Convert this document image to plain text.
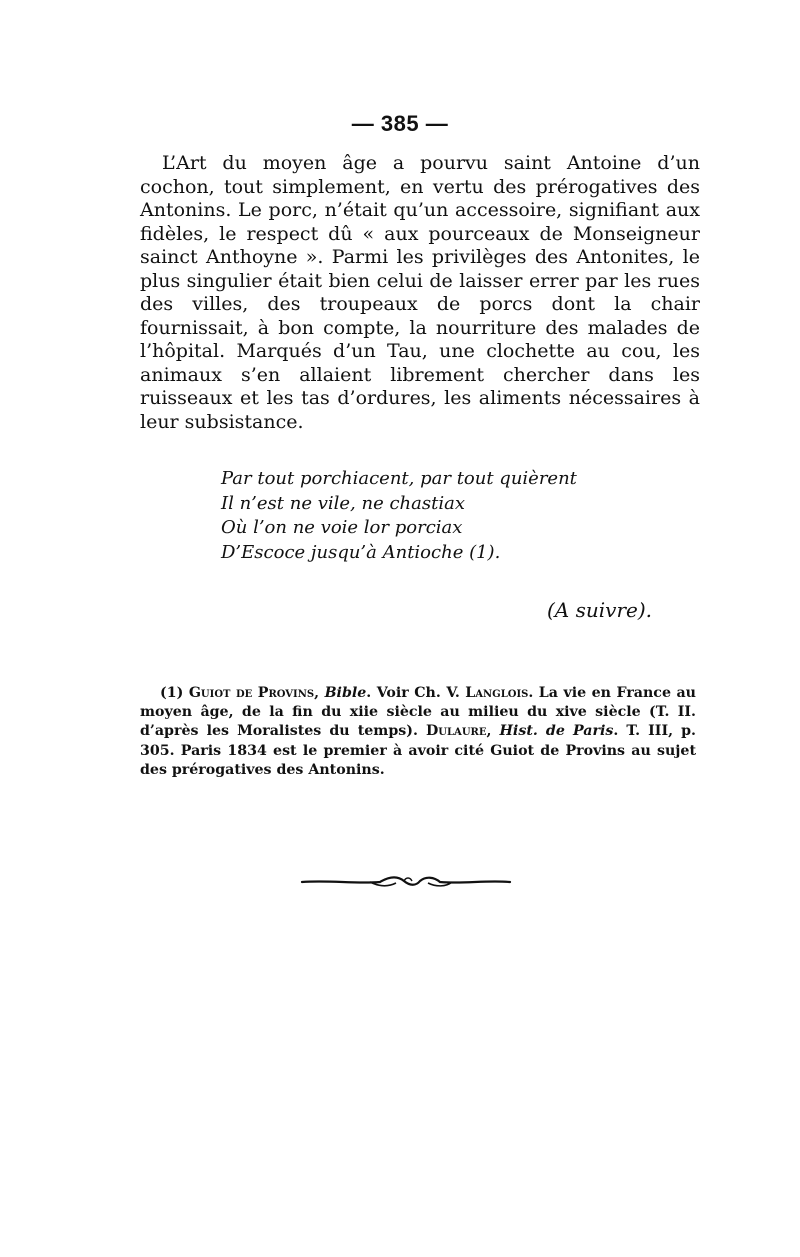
— 385 —

L’Art du moyen âge a pourvu saint Antoine d’un cochon, tout simplement, en vertu des prérogatives des Antonins. Le porc, n’était qu’un accessoire, signifiant aux fidèles, le respect dû « aux pourceaux de Monseigneur sainct Anthoyne ». Parmi les privilèges des Antonites, le plus singulier était bien celui de laisser errer par les rues des villes, des troupeaux de porcs dont la chair fournissait, à bon compte, la nourriture des malades de l’hôpital. Marqués d’un Tau, une clochette au cou, les animaux s’en allaient librement chercher dans les ruisseaux et les tas d’ordures, les aliments nécessaires à leur subsistance.

Par tout porchiacent, par tout quièrent
Il n’est ne vile, ne chastiax
Où l’on ne voie lor porciax
D’Escoce jusqu’à Antioche (1).
(A suivre).

(1) Guiot de Provins, Bible. Voir Ch. V. Langlois. La vie en France au moyen âge, de la fin du xiie siècle au milieu du xive siècle (T. II. d’après les Moralistes du temps). Dulaure, Hist. de Paris. T. III, p. 305. Paris 1834 est le premier à avoir cité Guiot de Provins au sujet des prérogatives des Antonins.
